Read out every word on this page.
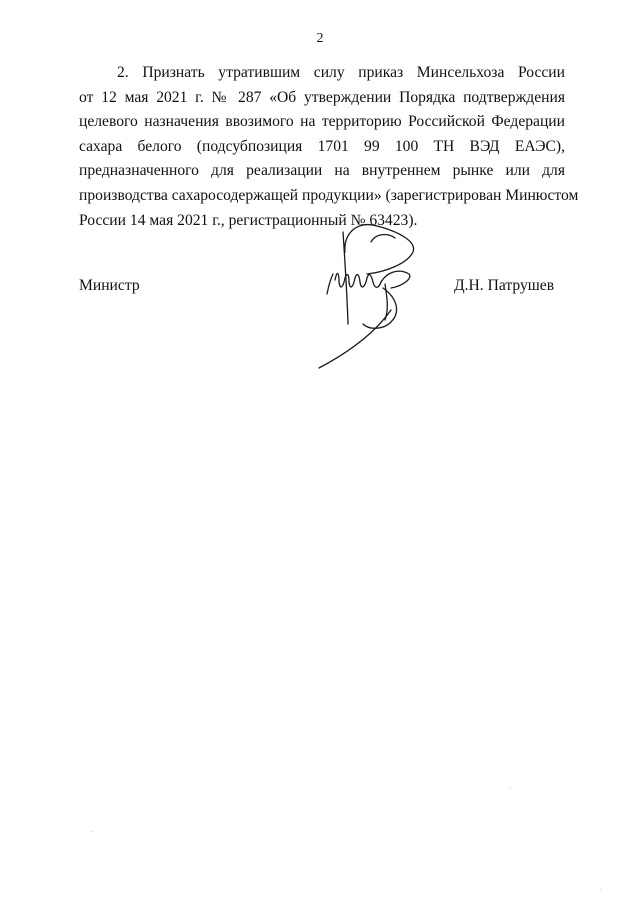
2
2. Признать утратившим силу приказ Минсельхоза России
от 12 мая 2021 г. № 287 «Об утверждении Порядка подтверждения
целевого назначения ввозимого на территорию Российской Федерации
сахара белого (подсубпозиция 1701 99 100 ТН ВЭД ЕАЭС),
предназначенного для реализации на внутреннем рынке или для
производства сахаросодержащей продукции» (зарегистрирован Минюстом
России 14 мая 2021 г., регистрационный № 63423).
Министр	Д.Н. Патрушев
